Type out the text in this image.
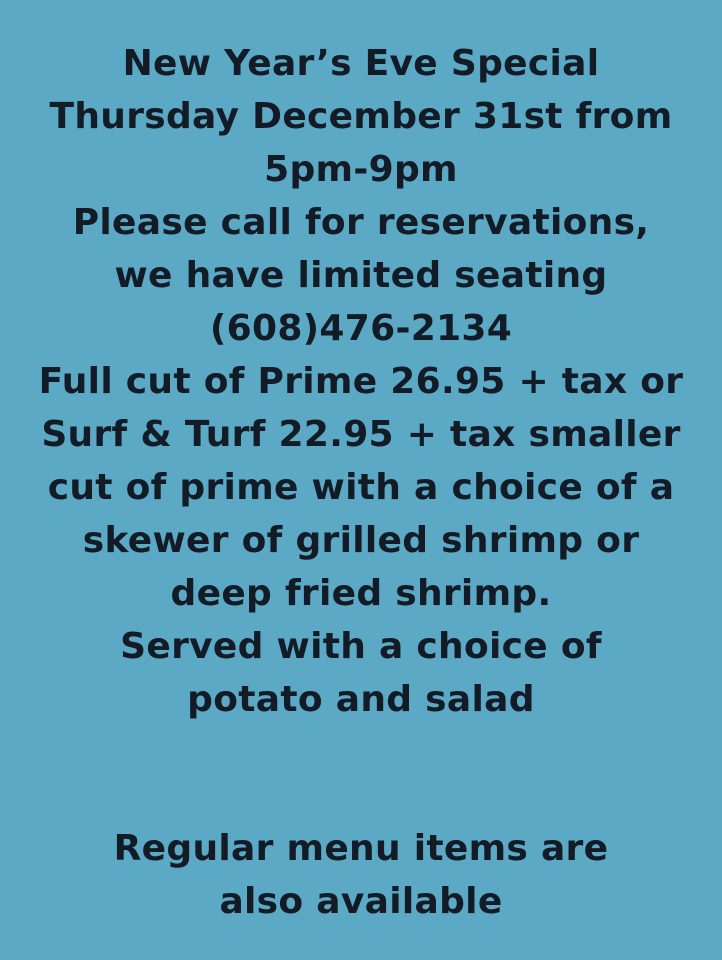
New Year’s Eve Special
Thursday December 31st from
5pm-9pm
Please call for reservations,
we have limited seating
(608)476-2134
Full cut of Prime 26.95 + tax or
Surf & Turf 22.95 + tax smaller
cut of prime with a choice of a
skewer of grilled shrimp or
deep fried shrimp.
Served with a choice of
potato and salad
Regular menu items are
also available
